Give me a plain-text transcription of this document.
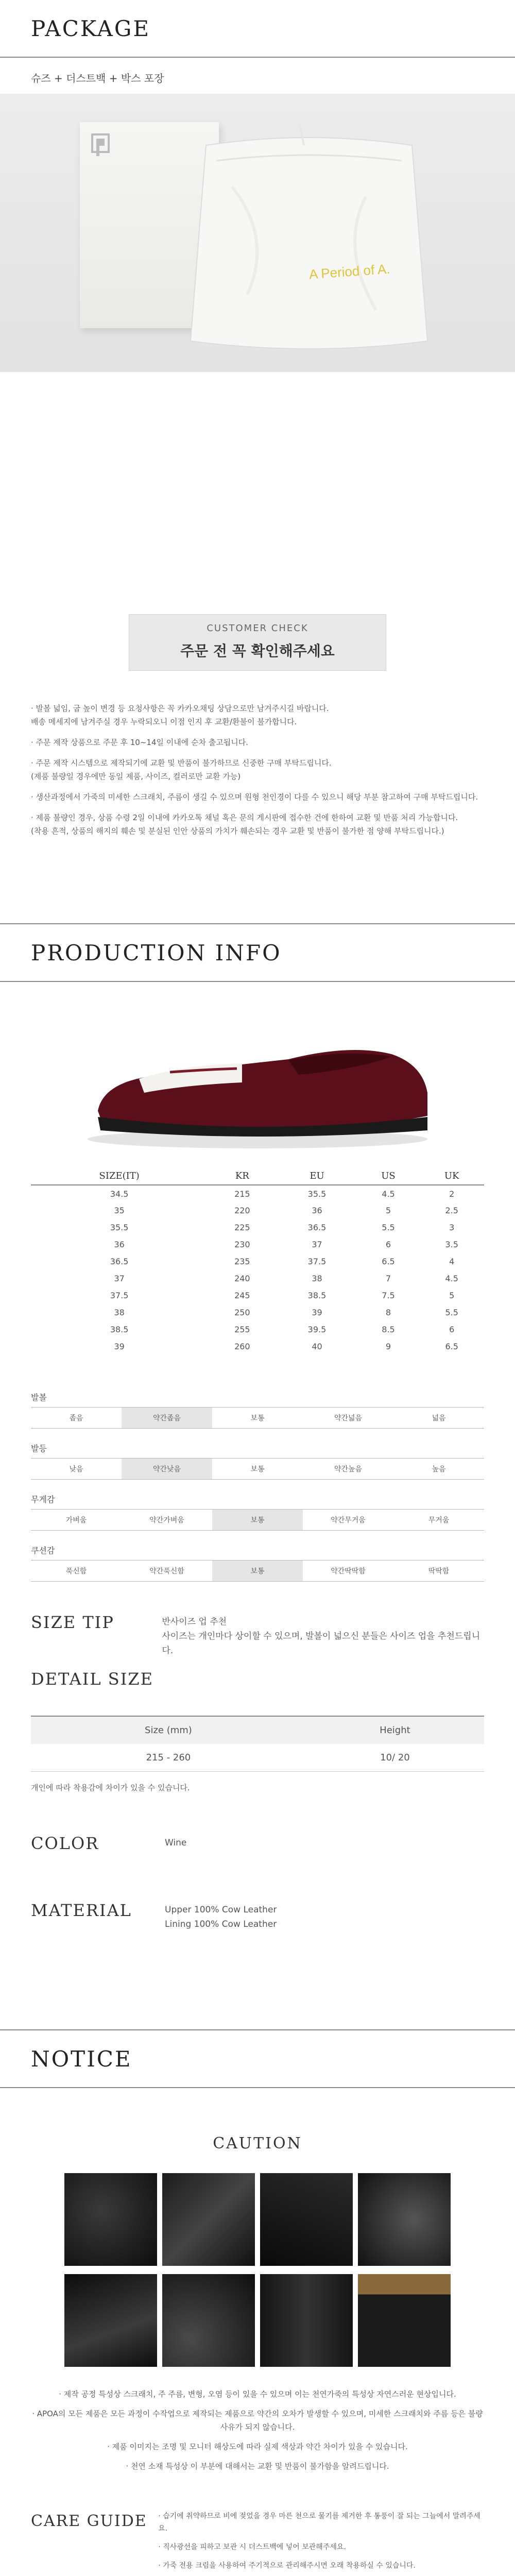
PACKAGE
슈즈 + 더스트백 + 박스 포장
A Period of A.
CUSTOMER CHECK
주문 전 꼭 확인해주세요

· 발볼 넓임, 굽 높이 변경 등 요청사항은 꼭 카카오채팅 상담으로만 남겨주시길 바랍니다.

배송 메세지에 남겨주실 경우 누락되오니 이점 인지 후 교환/환불이 불가합니다.

· 주문 제작 상품으로 주문 후 10~14일 이내에 순차 출고됩니다.

· 주문 제작 시스템으로 제작되기에 교환 및 반품이 불가하므로 신중한 구매 부탁드립니다.

(제품 불량일 경우에만 동일 제품, 사이즈, 컬러로만 교환 가능)

· 생산과정에서 가죽의 미세한 스크래치, 주름이 생길 수 있으며 원형 천인경이 다를 수 있으니 해당 부분 참고하여 구매 부탁드립니다.

· 제품 불량인 경우, 상품 수령 2일 이내에 카카오톡 채널 혹은 문의 게시판에 접수한 건에 한하여 교환 및 반품 처리 가능합니다.

(착용 흔적, 상품의 해지의 훼손 및 분실된 인안 상품의 가치가 훼손되는 경우 교환 및 반품이 불가한 점 양해 부탁드립니다.)

PRODUCTION INFO
SIZE(IT)	KR	EU	US	UK
34.5	215	35.5	4.5	2
35	220	36	5	2.5
35.5	225	36.5	5.5	3
36	230	37	6	3.5
36.5	235	37.5	6.5	4
37	240	38	7	4.5
37.5	245	38.5	7.5	5
38	250	39	8	5.5
38.5	255	39.5	8.5	6
39	260	40	9	6.5
발볼
좁음	약간좁음	보통	약간넓음	넓음
발등
낮음	약간낮음	보통	약간높음	높음
무게감
가벼움	약간가벼움	보통	약간무거움	무거움
쿠션감
푹신함	약간푹신함	보통	약간딱딱함	딱딱함
SIZE TIP	반사이즈 업 추천
사이즈는 개인마다 상이할 수 있으며, 발볼이 넓으신 분들은 사이즈 업을 추천드립니다.
DETAIL SIZE
Size (mm)	Height
215 - 260	10/ 20
개인에 따라 착용감에 차이가 있을 수 있습니다.
COLOR	Wine
MATERIAL	Upper 100% Cow Leather
Lining 100% Cow Leather
NOTICE
CAUTION

· 제작 공정 특성상 스크래치, 주 주름, 변형, 오염 등이 있을 수 있으며 이는 천연가죽의 특성상 자연스러운 현상입니다.

· APOA의 모든 제품은 모든 과정이 수작업으로 제작되는 제품으로 약간의 오차가 발생할 수 있으며, 미세한 스크래치와 주름 등은 불량 사유가 되지 않습니다.

· 제품 이미지는 조명 및 모니터 해상도에 따라 실제 색상과 약간 차이가 있을 수 있습니다.

· 천연 소재 특성상 이 부분에 대해서는 교환 및 반품이 불가함을 알려드립니다.

CARE GUIDE	· 습기에 취약하므로 비에 젖었을 경우 마른 천으로 물기를 제거한 후 통풍이 잘 되는 그늘에서 말려주세요.

· 직사광선을 피하고 보관 시 더스트백에 넣어 보관해주세요.

· 가죽 전용 크림을 사용하여 주기적으로 관리해주시면 오래 착용하실 수 있습니다.
